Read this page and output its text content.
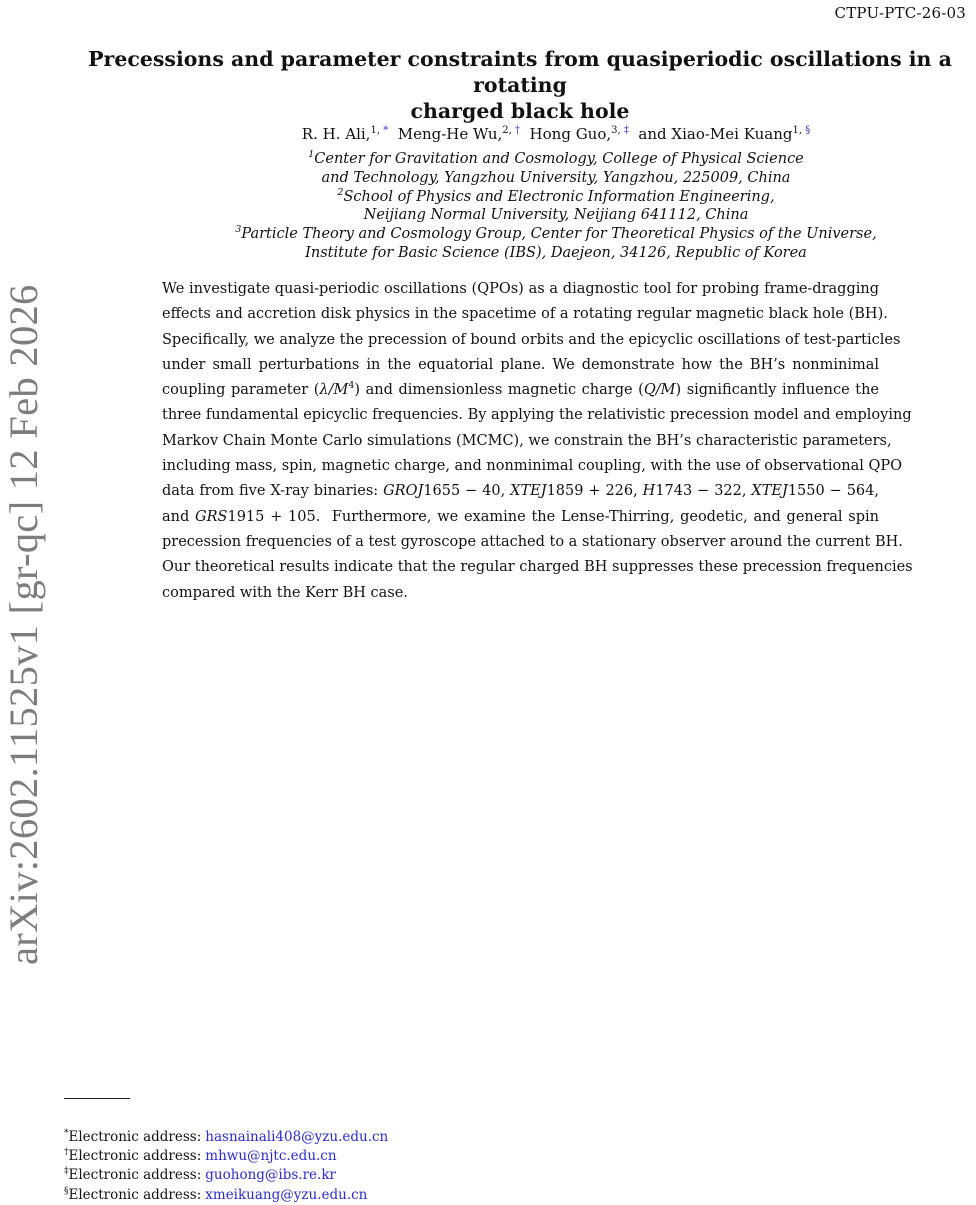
CTPU-PTC-26-03
Precessions and parameter constraints from quasiperiodic oscillations in a rotating
charged black hole
R. H. Ali,$^{1, *}$ Meng-He Wu,$^{2, \dagger}$ Hong Guo,$^{3, \ddagger}$ and Xiao-Mei Kuang$^{1, \S}$
$^1$Center for Gravitation and Cosmology, College of Physical Science
and Technology, Yangzhou University, Yangzhou, 225009, China
$^2$School of Physics and Electronic Information Engineering,
Neijiang Normal University, Neijiang 641112, China
$^3$Particle Theory and Cosmology Group, Center for Theoretical Physics of the Universe,
Institute for Basic Science (IBS), Daejeon, 34126, Republic of Korea
We investigate quasi-periodic oscillations (QPOs) as a diagnostic tool for probing frame-dragging
effects and accretion disk physics in the spacetime of a rotating regular magnetic black hole (BH).
Specifically, we analyze the precession of bound orbits and the epicyclic oscillations of test-particles
under small perturbations in the equatorial plane. We demonstrate how the BH’s nonminimal
coupling parameter $(\lambda/M^4)$ and dimensionless magnetic charge (Q/M) significantly influence the
three fundamental epicyclic frequencies. By applying the relativistic precession model and employing
Markov Chain Monte Carlo simulations (MCMC), we constrain the BH’s characteristic parameters,
including mass, spin, magnetic charge, and nonminimal coupling, with the use of observational QPO
data from five X-ray binaries: GROJ1655 − 40, XTEJ1859 + 226, H1743 − 322, XTEJ1550 − 564,
and GRS1915 + 105. Furthermore, we examine the Lense-Thirring, geodetic, and general spin
precession frequencies of a test gyroscope attached to a stationary observer around the current BH.
Our theoretical results indicate that the regular charged BH suppresses these precession frequencies
compared with the Kerr BH case.
arXiv:2602.11525v1 [gr-qc] 12 Feb 2026
*Electronic address: hasnainali408@yzu.edu.cn
†Electronic address: mhwu@njtc.edu.cn
‡Electronic address: guohong@ibs.re.kr
§Electronic address: xmeikuang@yzu.edu.cn
